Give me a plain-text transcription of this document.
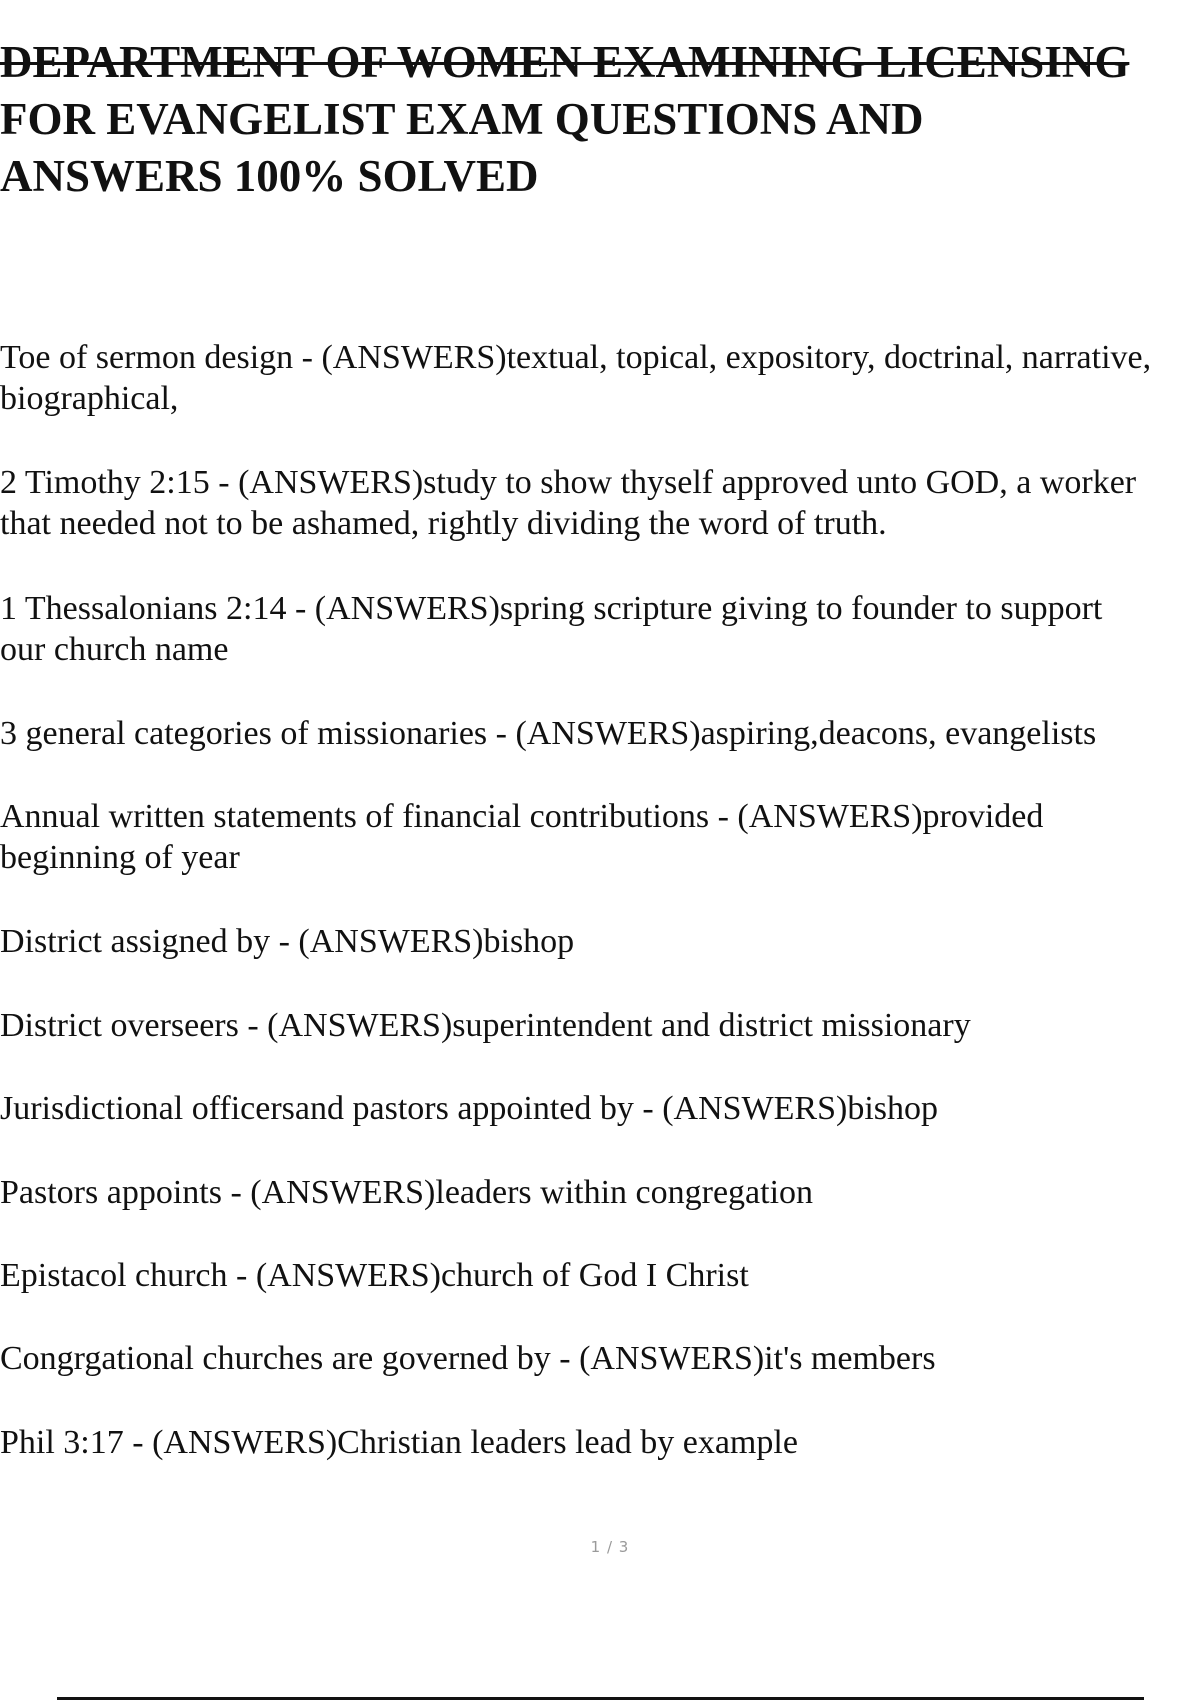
DEPARTMENT OF WOMEN EXAMINING LICENSING
FOR EVANGELIST EXAM QUESTIONS AND
ANSWERS 100% SOLVED

Toe of sermon design - (ANSWERS)textual, topical, expository, doctrinal, narrative,
biographical,

2 Timothy 2:15 - (ANSWERS)study to show thyself approved unto GOD, a worker
that needed not to be ashamed, rightly dividing the word of truth.

1 Thessalonians 2:14 - (ANSWERS)spring scripture giving to founder to support
our church name

3 general categories of missionaries - (ANSWERS)aspiring,deacons, evangelists

Annual written statements of financial contributions - (ANSWERS)provided
beginning of year

District assigned by - (ANSWERS)bishop

District overseers - (ANSWERS)superintendent and district missionary

Jurisdictional officersand pastors appointed by - (ANSWERS)bishop

Pastors appoints - (ANSWERS)leaders within congregation

Epistacol church - (ANSWERS)church of God I Christ

Congrgational churches are governed by - (ANSWERS)it's members

Phil 3:17 - (ANSWERS)Christian leaders lead by example

1 / 3
